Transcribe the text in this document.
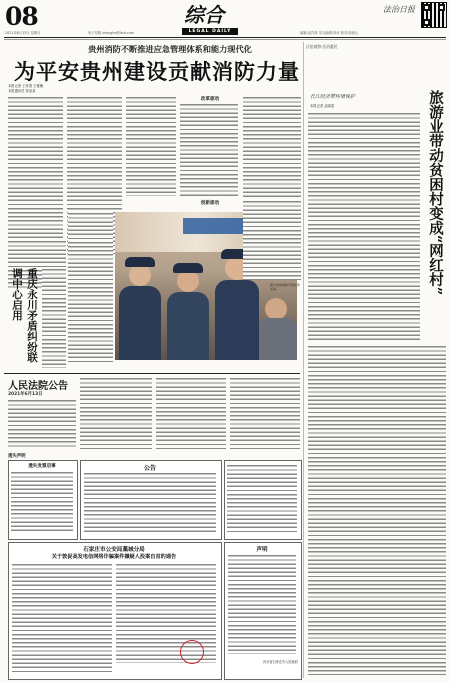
08
2021年6月13日 星期日	电子信箱 zhonghe@fzrb.com
综合
LEGAL DAILY
法治日报
编辑/孟祥林 见习编辑/李冰 校对/邓晓云
贵州消防不断推进应急管理体系和能力现代化
为平安贵州建设贡献消防力量
本报记者 王家梁 王雅楠
本报通讯员 张某某
改革驱动
创新驱动
图为贵州消防开展宣传活动。
重庆永川矛盾纠纷联调中心启用
人民法院公告
2021年6月13日
遗失声明
遗失发票启事	公告
石家庄市公安局藁城分局
关于敦促高发电信网络诈骗案件嫌疑人投案自首的通告
声明
河北省石家庄市人民政府
法治观察·法治惠民
长江经济带环境保护	旅游业带动贫困村变成“网红村”
本报记者 孟晓雷
